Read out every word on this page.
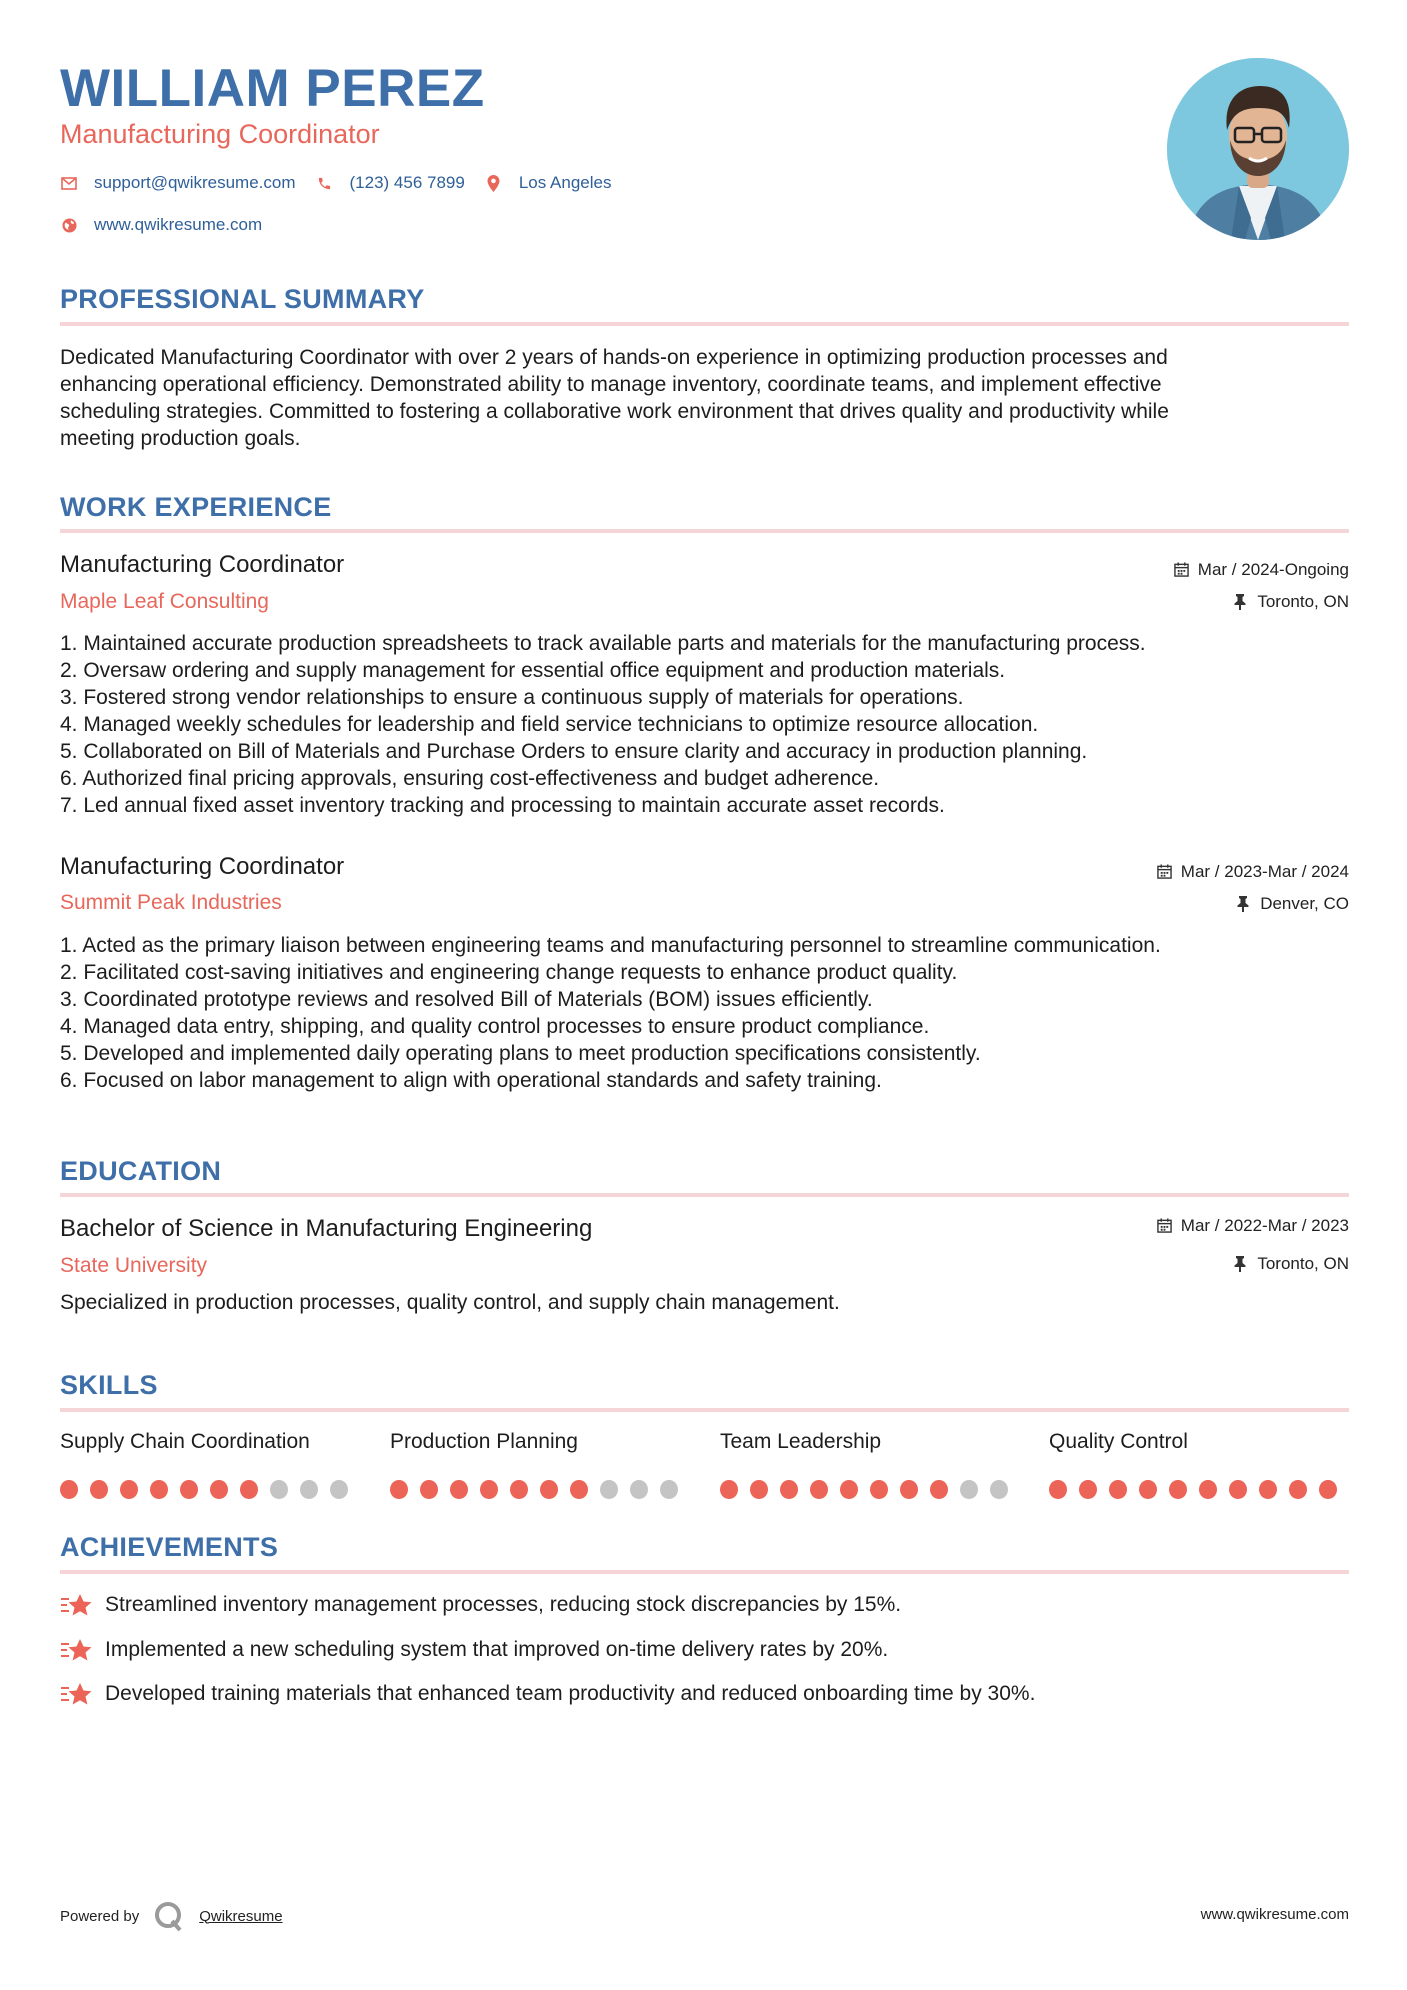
WILLIAM PEREZ
Manufacturing Coordinator
support@qwikresume.com	(123) 456 7899	Los Angeles
www.qwikresume.com
PROFESSIONAL SUMMARY
Dedicated Manufacturing Coordinator with over 2 years of hands-on experience in optimizing production processes and
enhancing operational efficiency. Demonstrated ability to manage inventory, coordinate teams, and implement effective
scheduling strategies. Committed to fostering a collaborative work environment that drives quality and productivity while
meeting production goals.
WORK EXPERIENCE
Manufacturing Coordinator
Maple Leaf Consulting
Mar / 2024-Ongoing
Toronto, ON
1. Maintained accurate production spreadsheets to track available parts and materials for the manufacturing process.
2. Oversaw ordering and supply management for essential office equipment and production materials.
3. Fostered strong vendor relationships to ensure a continuous supply of materials for operations.
4. Managed weekly schedules for leadership and field service technicians to optimize resource allocation.
5. Collaborated on Bill of Materials and Purchase Orders to ensure clarity and accuracy in production planning.
6. Authorized final pricing approvals, ensuring cost-effectiveness and budget adherence.
7. Led annual fixed asset inventory tracking and processing to maintain accurate asset records.
Manufacturing Coordinator
Summit Peak Industries
Mar / 2023-Mar / 2024
Denver, CO
1. Acted as the primary liaison between engineering teams and manufacturing personnel to streamline communication.
2. Facilitated cost-saving initiatives and engineering change requests to enhance product quality.
3. Coordinated prototype reviews and resolved Bill of Materials (BOM) issues efficiently.
4. Managed data entry, shipping, and quality control processes to ensure product compliance.
5. Developed and implemented daily operating plans to meet production specifications consistently.
6. Focused on labor management to align with operational standards and safety training.
EDUCATION
Bachelor of Science in Manufacturing Engineering
State University
Mar / 2022-Mar / 2023
Toronto, ON
Specialized in production processes, quality control, and supply chain management.
SKILLS
Supply Chain Coordination	Production Planning	Team Leadership	Quality Control
ACHIEVEMENTS
Streamlined inventory management processes, reducing stock discrepancies by 15%.
Implemented a new scheduling system that improved on-time delivery rates by 20%.
Developed training materials that enhanced team productivity and reduced onboarding time by 30%.
Powered by	Qwikresume	www.qwikresume.com
